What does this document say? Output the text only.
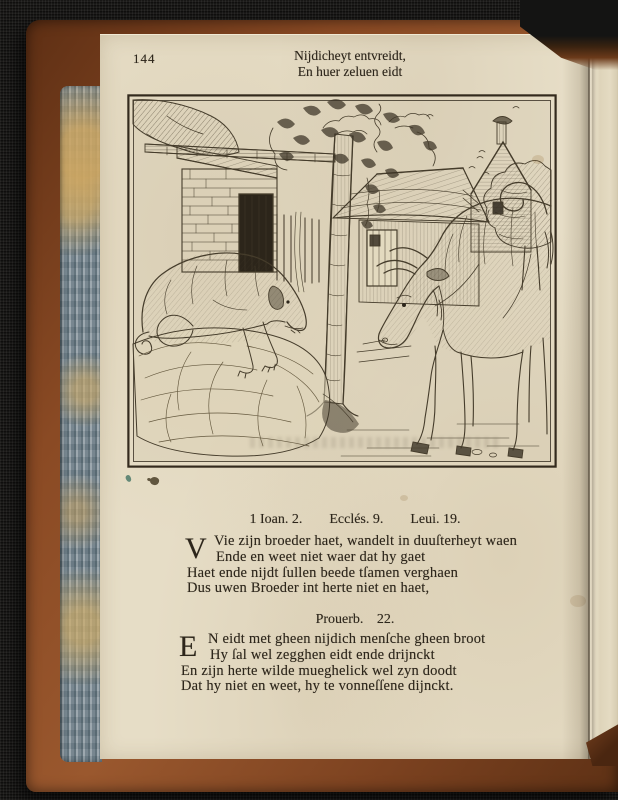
144	Nijdicheyt entvreidt,
En huer zeluen eidt
1 Ioan. 2. Ecclés. 9. Leui. 19.
V Vie zijn broeder haet, wandelt in duuſterheyt waen
Ende en weet niet waer dat hy gaet
Haet ende nijdt ſullen beede tſamen verghaen
Dus uwen Broeder int herte niet en haet,
Prouerb. 22.
E N eidt met gheen nijdich menſche gheen broot
Hy ſal wel zegghen eidt ende drijnckt
En zijn herte wilde mueghelick wel zyn doodt
Dat hy niet en weet, hy te vonneſſene dijnckt.
